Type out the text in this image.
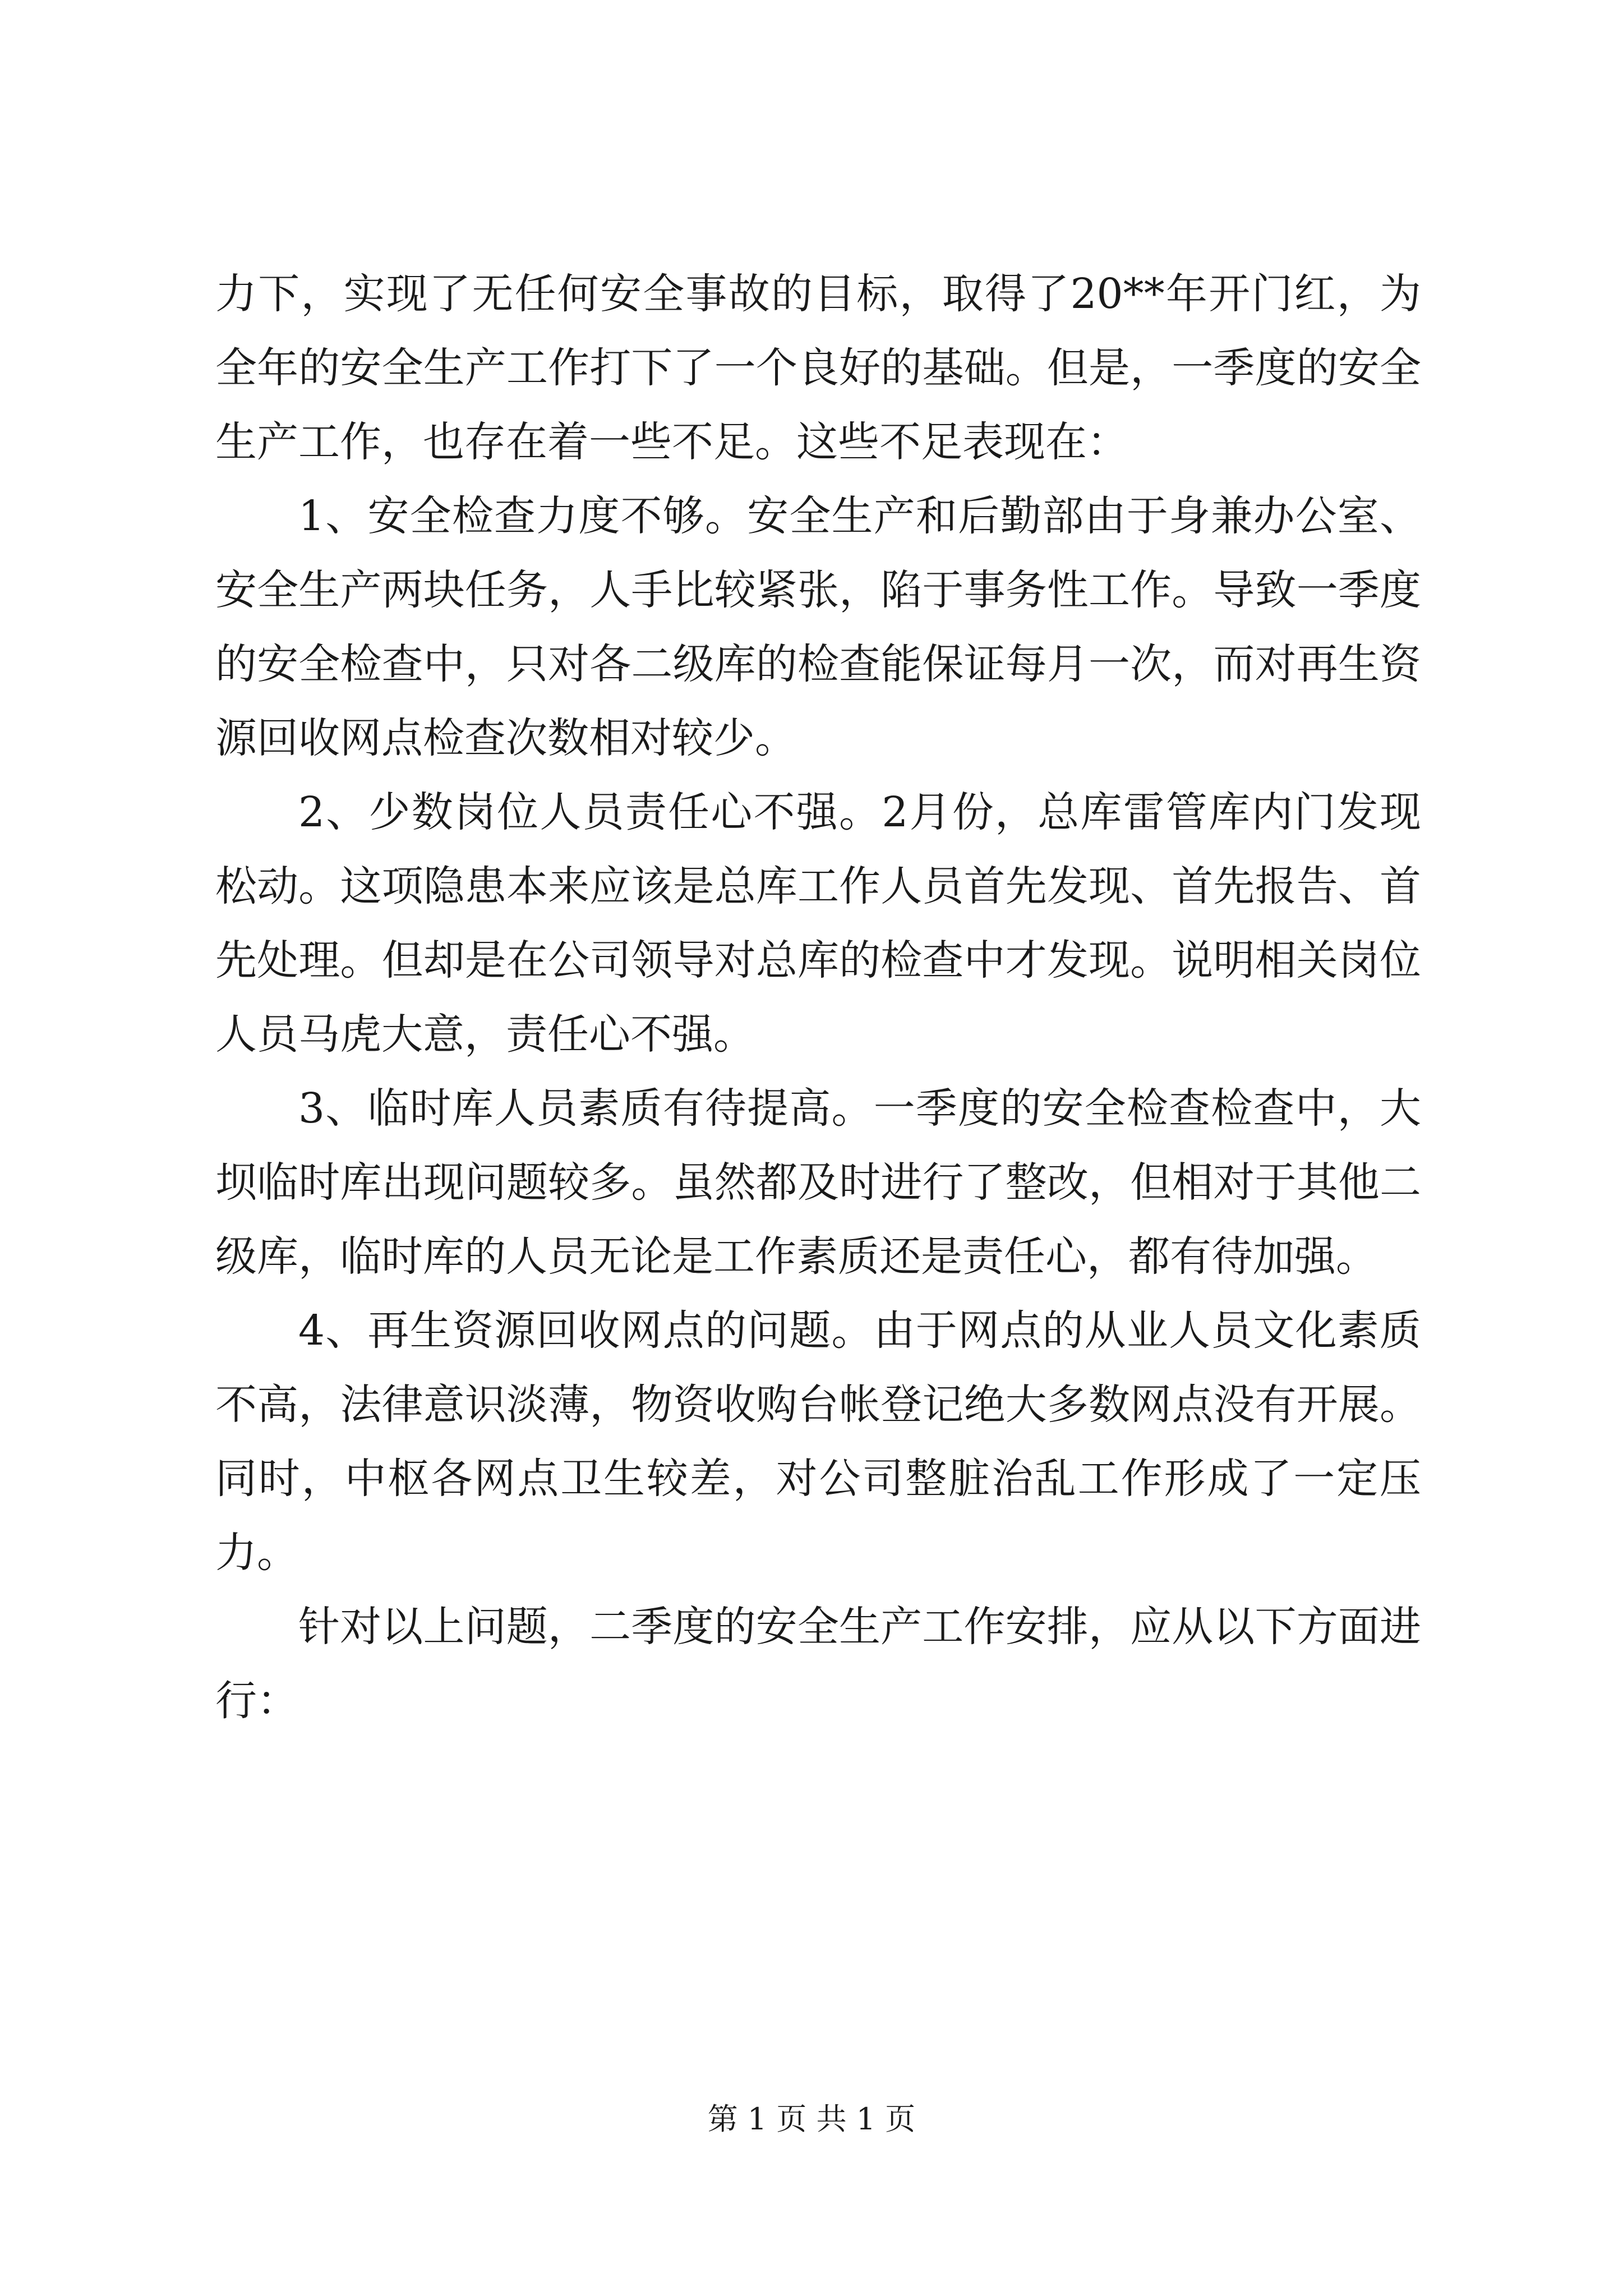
力下，实现了无任何安全事故的目标，取得了20**年开门红，为全年的安全生产工作打下了一个良好的基础。但是，一季度的安全生产工作，也存在着一些不足。这些不足表现在：

1、安全检查力度不够。安全生产和后勤部由于身兼办公室、安全生产两块任务，人手比较紧张，陷于事务性工作。导致一季度的安全检查中，只对各二级库的检查能保证每月一次，而对再生资源回收网点检查次数相对较少。

2、少数岗位人员责任心不强。2月份，总库雷管库内门发现松动。这项隐患本来应该是总库工作人员首先发现、首先报告、首先处理。但却是在公司领导对总库的检查中才发现。说明相关岗位人员马虎大意，责任心不强。

3、临时库人员素质有待提高。一季度的安全检查检查中，大坝临时库出现问题较多。虽然都及时进行了整改，但相对于其他二级库，临时库的人员无论是工作素质还是责任心，都有待加强。

4、再生资源回收网点的问题。由于网点的从业人员文化素质不高，法律意识淡薄，物资收购台帐登记绝大多数网点没有开展。同时，中枢各网点卫生较差，对公司整脏治乱工作形成了一定压力。

针对以上问题，二季度的安全生产工作安排，应从以下方面进行：

第 1 页 共 1 页
